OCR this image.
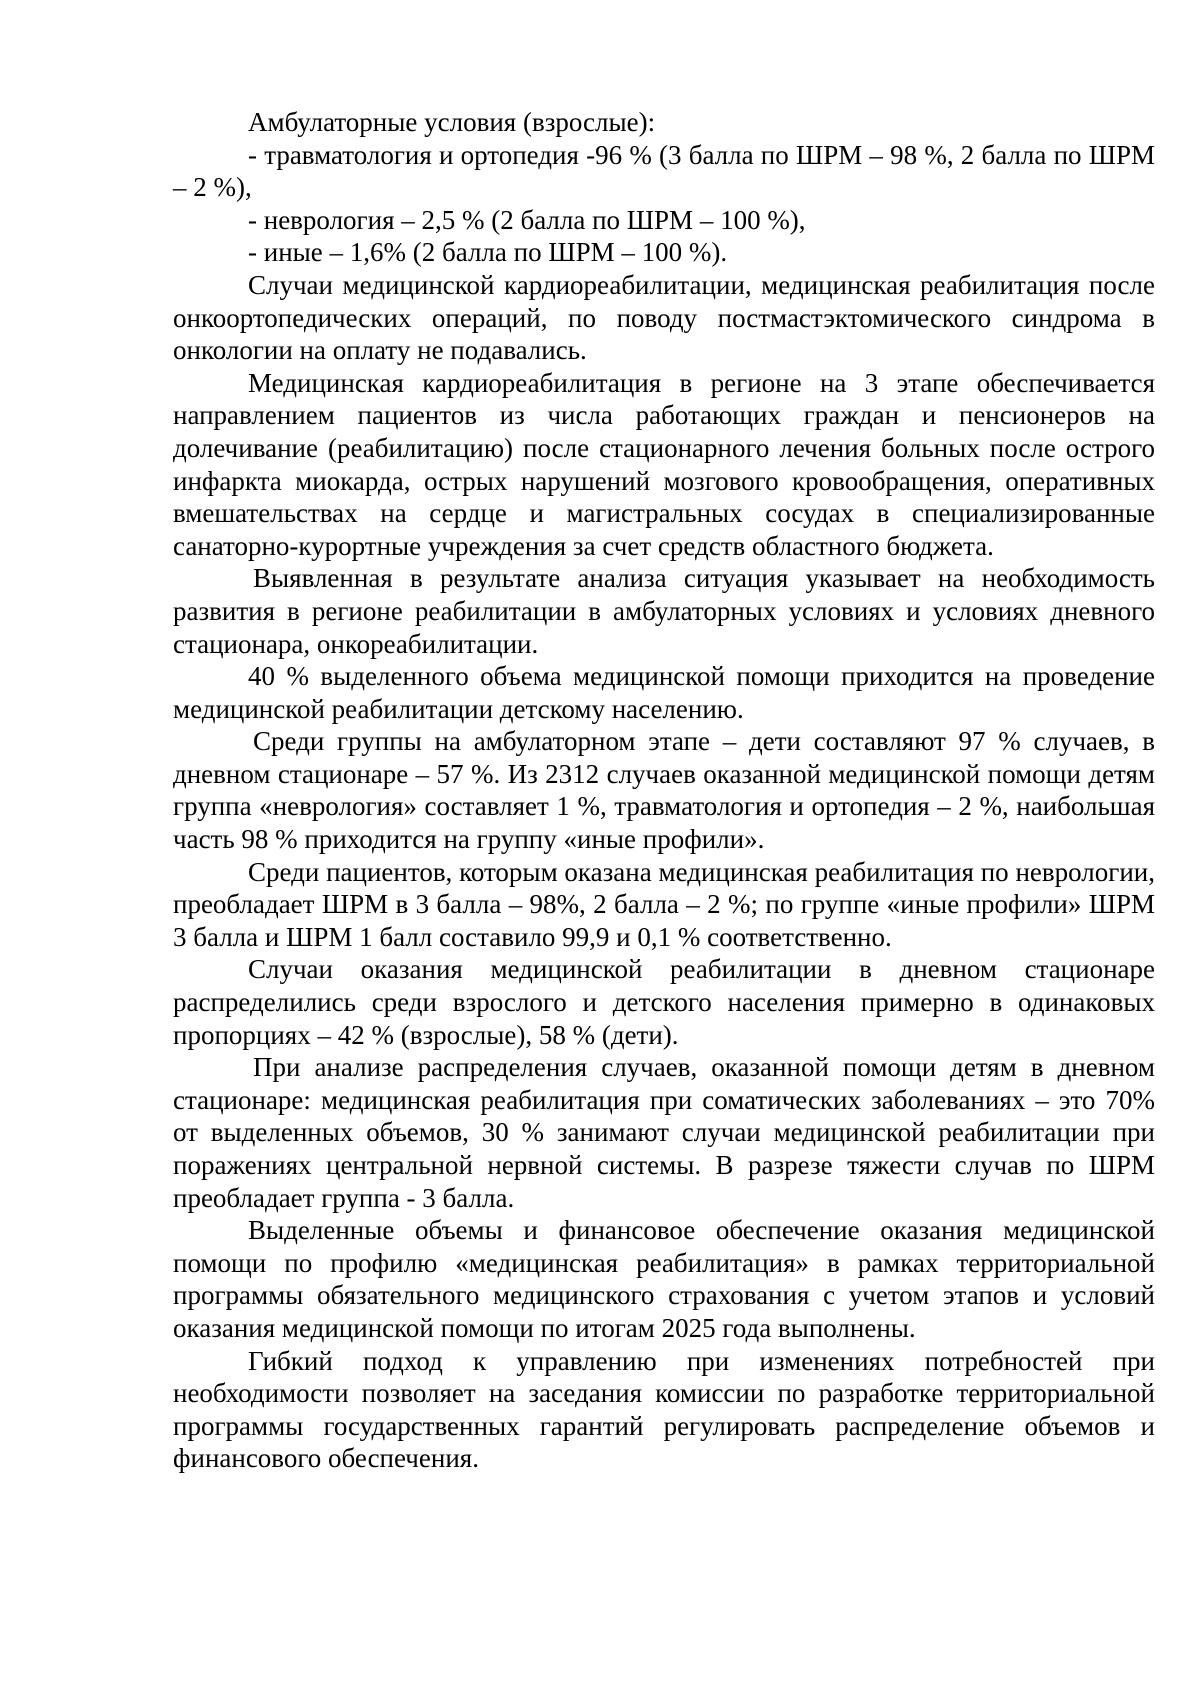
Амбулаторные условия (взрослые):

- травматология и ортопедия -96 % (3 балла по ШРМ – 98 %, 2 балла по ШРМ – 2 %),

- неврология – 2,5 % (2 балла по ШРМ – 100 %),

- иные – 1,6% (2 балла по ШРМ – 100 %).

Случаи медицинской кардиореабилитации, медицинская реабилитация после онкоортопедических операций, по поводу постмастэктомического синдрома в онкологии на оплату не подавались.

Медицинская кардиореабилитация в регионе на 3 этапе обеспечивается направлением пациентов из числа работающих граждан и пенсионеров на долечивание (реабилитацию) после стационарного лечения больных после острого инфаркта миокарда, острых нарушений мозгового кровообращения, оперативных вмешательствах на сердце и магистральных сосудах в специализированные санаторно-курортные учреждения за счет средств областного бюджета.

Выявленная в результате анализа ситуация указывает на необходимость развития в регионе реабилитации в амбулаторных условиях и условиях дневного стационара, онкореабилитации.

40 % выделенного объема медицинской помощи приходится на проведение медицинской реабилитации детскому населению.

Среди группы на амбулаторном этапе – дети составляют 97 % случаев, в дневном стационаре – 57 %. Из 2312 случаев оказанной медицинской помощи детям группа «неврология» составляет 1 %, травматология и ортопедия – 2 %, наибольшая часть 98 % приходится на группу «иные профили».

Среди пациентов, которым оказана медицинская реабилитация по неврологии, преобладает ШРМ в 3 балла – 98%, 2 балла – 2 %; по группе «иные профили» ШРМ 3 балла и ШРМ 1 балл составило 99,9 и 0,1 % соответственно.

Случаи оказания медицинской реабилитации в дневном стационаре распределились среди взрослого и детского населения примерно в одинаковых пропорциях – 42 % (взрослые), 58 % (дети).

При анализе распределения случаев, оказанной помощи детям в дневном стационаре: медицинская реабилитация при соматических заболеваниях – это 70% от выделенных объемов, 30 % занимают случаи медицинской реабилитации при поражениях центральной нервной системы. В разрезе тяжести случав по ШРМ преобладает группа - 3 балла.

Выделенные объемы и финансовое обеспечение оказания медицинской помощи по профилю «медицинская реабилитация» в рамках территориальной программы обязательного медицинского страхования с учетом этапов и условий оказания медицинской помощи по итогам 2025 года выполнены.

Гибкий подход к управлению при изменениях потребностей при необходимости позволяет на заседания комиссии по разработке территориальной программы государственных гарантий регулировать распределение объемов и финансового обеспечения.
